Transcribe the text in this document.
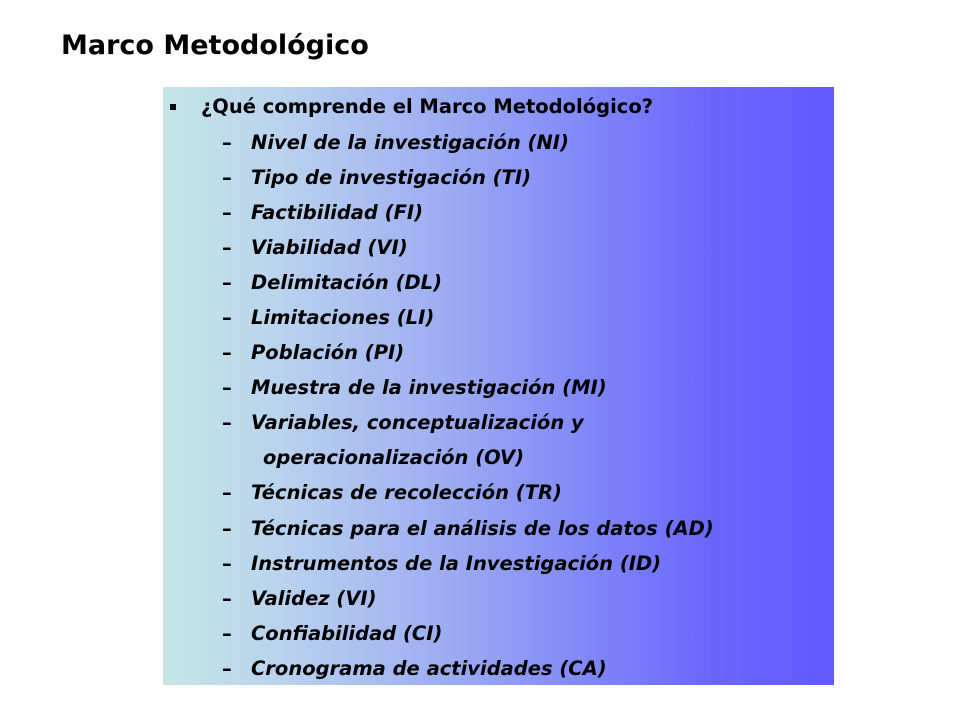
Marco Metodológico
¿Qué comprende el Marco Metodológico?
– Nivel de la investigación (NI)
– Tipo de investigación (TI)
– Factibilidad (FI)
– Viabilidad (VI)
– Delimitación (DL)
– Limitaciones (LI)
– Población (PI)
– Muestra de la investigación (MI)
– Variables, conceptualización y
operacionalización (OV)
– Técnicas de recolección (TR)
– Técnicas para el análisis de los datos (AD)
– Instrumentos de la Investigación (ID)
– Validez (VI)
– Confiabilidad (CI)
– Cronograma de actividades (CA)
